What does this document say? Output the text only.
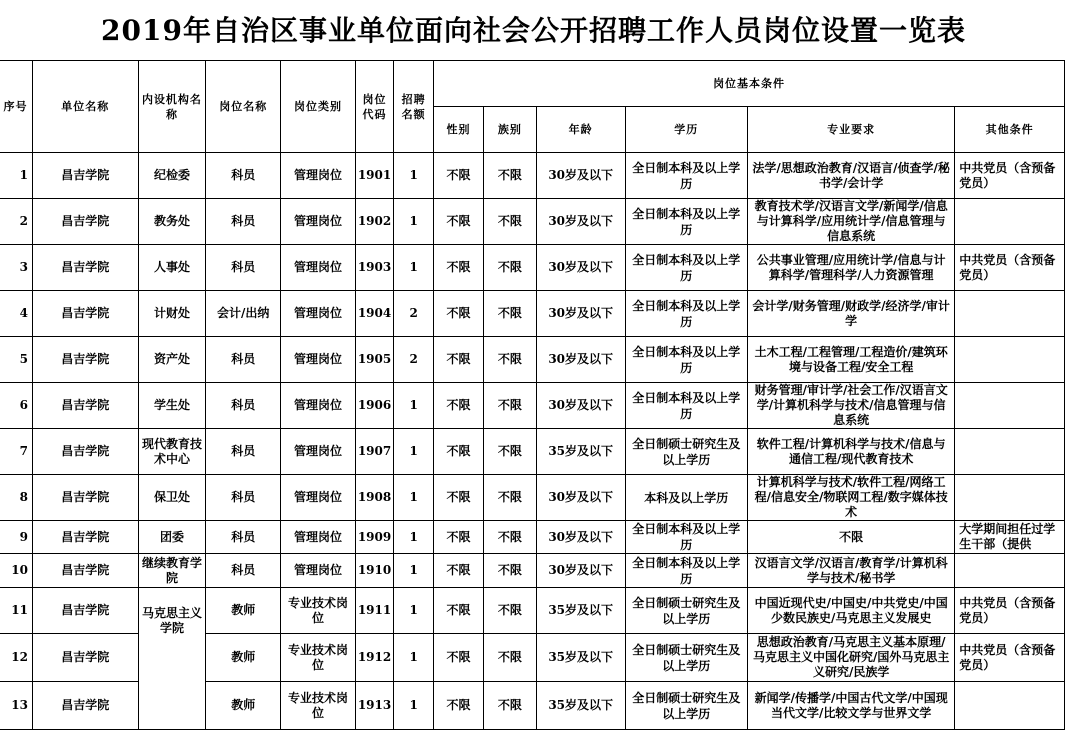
2019年自治区事业单位面向社会公开招聘工作人员岗位设置一览表
序号	单位名称	内设机构名称	岗位名称	岗位类别	岗位代码	招聘名额	岗位基本条件					
							性别	族别	年龄	学历	专业要求	其他条件
1	昌吉学院	纪检委	科员	管理岗位	1901	1	不限	不限	30岁及以下	全日制本科及以上学历	法学/思想政治教育/汉语言/侦查学/秘书学/会计学	中共党员（含预备党员）
2	昌吉学院	教务处	科员	管理岗位	1902	1	不限	不限	30岁及以下	全日制本科及以上学历	教育技术学/汉语言文学/新闻学/信息与计算科学/应用统计学/信息管理与信息系统	
3	昌吉学院	人事处	科员	管理岗位	1903	1	不限	不限	30岁及以下	全日制本科及以上学历	公共事业管理/应用统计学/信息与计算科学/管理科学/人力资源管理	中共党员（含预备党员）
4	昌吉学院	计财处	会计/出纳	管理岗位	1904	2	不限	不限	30岁及以下	全日制本科及以上学历	会计学/财务管理/财政学/经济学/审计学	
5	昌吉学院	资产处	科员	管理岗位	1905	2	不限	不限	30岁及以下	全日制本科及以上学历	土木工程/工程管理/工程造价/建筑环境与设备工程/安全工程	
6	昌吉学院	学生处	科员	管理岗位	1906	1	不限	不限	30岁及以下	全日制本科及以上学历	财务管理/审计学/社会工作/汉语言文学/计算机科学与技术/信息管理与信息系统	
7	昌吉学院	现代教育技术中心	科员	管理岗位	1907	1	不限	不限	35岁及以下	全日制硕士研究生及以上学历	软件工程/计算机科学与技术/信息与通信工程/现代教育技术	
8	昌吉学院	保卫处	科员	管理岗位	1908	1	不限	不限	30岁及以下	本科及以上学历	计算机科学与技术/软件工程/网络工程/信息安全/物联网工程/数字媒体技术	
9	昌吉学院	团委	科员	管理岗位	1909	1	不限	不限	30岁及以下	全日制本科及以上学历	不限	大学期间担任过学生干部（提供
10	昌吉学院	继续教育学院	科员	管理岗位	1910	1	不限	不限	30岁及以下	全日制本科及以上学历	汉语言文学/汉语言/教育学/计算机科学与技术/秘书学	
11	昌吉学院	马克思主义学院	教师	专业技术岗位	1911	1	不限	不限	35岁及以下	全日制硕士研究生及以上学历	中国近现代史/中国史/中共党史/中国少数民族史/马克思主义发展史	中共党员（含预备党员）
12	昌吉学院		教师	专业技术岗位	1912	1	不限	不限	35岁及以下	全日制硕士研究生及以上学历	思想政治教育/马克思主义基本原理/马克思主义中国化研究/国外马克思主义研究/民族学	中共党员（含预备党员）
13	昌吉学院		教师	专业技术岗位	1913	1	不限	不限	35岁及以下	全日制硕士研究生及以上学历	新闻学/传播学/中国古代文学/中国现当代文学/比较文学与世界文学	
